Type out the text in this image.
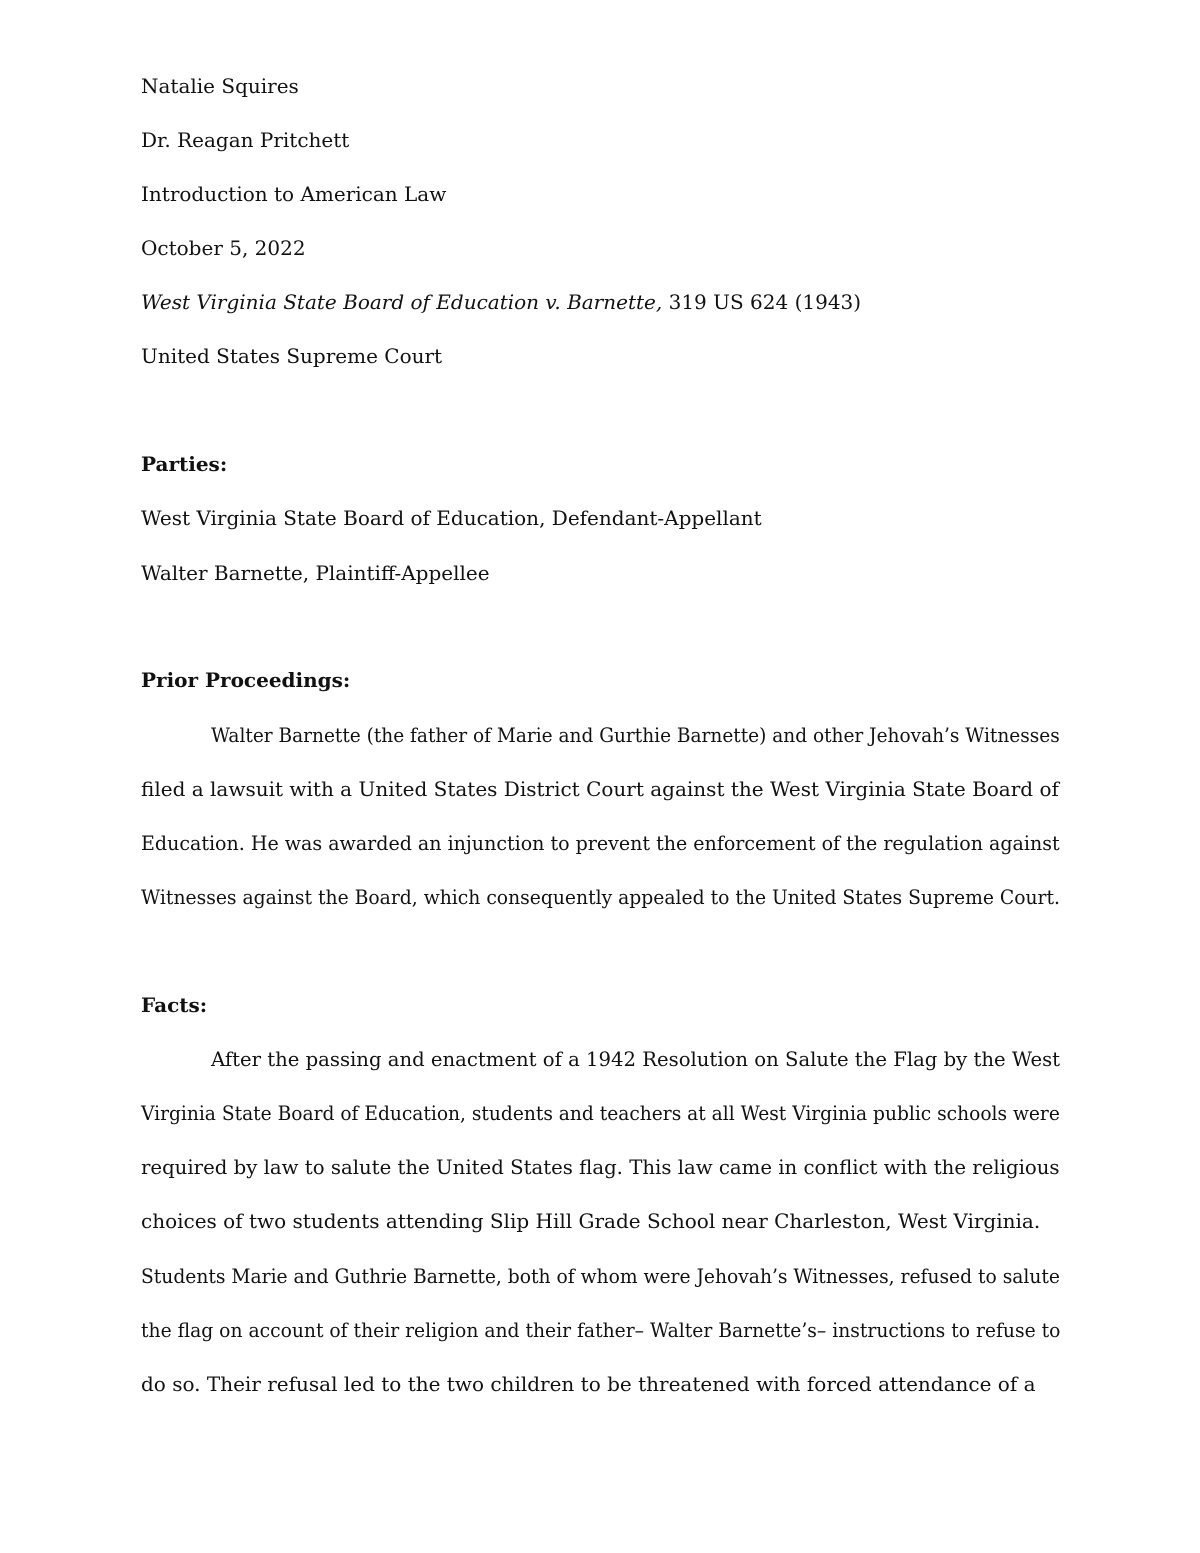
Natalie Squires

Dr. Reagan Pritchett

Introduction to American Law

October 5, 2022

West Virginia State Board of Education v. Barnette, 319 US 624 (1943)

United States Supreme Court

Parties:

West Virginia State Board of Education, Defendant-Appellant

Walter Barnette, Plaintiff-Appellee

Prior Proceedings:

Walter Barnette (the father of Marie and Gurthie Barnette) and other Jehovah’s Witnesses

filed a lawsuit with a United States District Court against the West Virginia State Board of

Education. He was awarded an injunction to prevent the enforcement of the regulation against

Witnesses against the Board, which consequently appealed to the United States Supreme Court.

Facts:

After the passing and enactment of a 1942 Resolution on Salute the Flag by the West

Virginia State Board of Education, students and teachers at all West Virginia public schools were

required by law to salute the United States flag. This law came in conflict with the religious

choices of two students attending Slip Hill Grade School near Charleston, West Virginia.

Students Marie and Guthrie Barnette, both of whom were Jehovah’s Witnesses, refused to salute

the flag on account of their religion and their father– Walter Barnette’s– instructions to refuse to

do so. Their refusal led to the two children to be threatened with forced attendance of a
